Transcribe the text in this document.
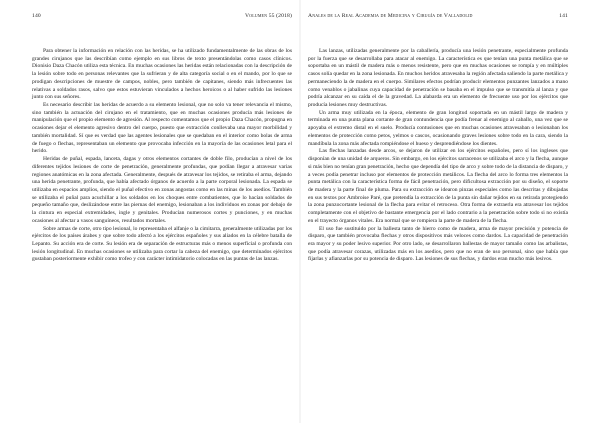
140	Volumen 55 (2018)

Para obtener la información en relación con las heridas, se ha utilizado fundamentalmente de las obras de los grandes cirujanos que las describían como ejemplo en sus libros de texto presentándolas como casos clínicos. Dionisio Daza Chacón utiliza esta técnica. En muchas ocasiones las heridas están relacionadas con la descripción de la lesión sobre todo en personas relevantes que la sufrieran y de alta categoría social o en el mando, por lo que se prodigan descripciones de muestre de campos, nobles, pero también de capitanes, siendo más infrecuentes las relativas a soldados rasos, salvo que estos estuvieran vinculados a hechos heroicos o al haber sufrido las lesiones junto con sus señores.

Es necesario describir las heridas de acuerdo a su elemento lesional, que no solo va tener relevancia el mismo, sino también la actuación del cirujano en el tratamiento, que en muchas ocasiones producía más lesiones de manipulación que el propio elemento de agresión. Al respecto comentamos que el propio Daza Chacón, propugna en ocasiones dejar el elemento agresivo dentro del cuerpo, puesto que extracción conllevaba una mayor morbilidad y también mortalidad. Sí que es verdad que las agentes lesionales que se quedaban en el interior como bolas de arma de fuego o flechas, representaban un elemento que provocaba infección en la mayoría de las ocasiones letal para el herido.

Heridas de puñal, espada, lanceta, dagas y otros elementos cortantes de doble filo, producían a nivel de los diferentes tejidos lesiones de corte de penetración, generalmente profundas, que podían llegar a atravesar varias regiones anatómicas en la zona afectada. Generalmente, después de atravesar los tejidos, se retiraba el arma, dejando una herida penetrante, profunda, que había afectado órganos de acuerdo a la parte corporal lesionada. La espada se utilizaba en espacios amplios, siendo el puñal efectivo en zonas angostas como en las minas de los asedios. También se utilizaba el puñal para acuchillar a los soldados en los choques entre combatientes, que lo hacían soldados de pequeño tamaño que, deslizándose entre las piernas del enemigo, lesionaban a los individuos en zonas por debajo de la cintura en especial extremidades, ingle y genitales. Producían numerosos cortes y punciones, y en muchas ocasiones al afectar a vasos sanguíneos, resultados mortales.

Sobre armas de corte, otro tipo lesional, lo representaba el alfanje o la cimitarra, generalmente utilizadas por los ejércitos de los países árabes y que sobre todo afectó a los ejércitos españoles y sus aliados en la célebre batalla de Lepanto. Su acción era de corte. Su lesión era de separación de estructuras más o menos superficial o profunda con lesión longitudinal. En muchas ocasiones se utilizaba para cortar la cabeza del enemigo, que determinados ejércitos gustaban posteriormente exhibir como trofeo y con carácter intimidatorio colocadas en las puntas de las lanzas.

Anales de la Real Academia de Medicina y Cirugía de Valladolid	141

Las lanzas, utilizadas generalmente por la caballería, producía una lesión penetrante, especialmente profunda por la fuerza que se desarrollaba para atacar al enemigo. La característica es que tenían una punta metálica que se soportaba en un mástil de madera más o menos resistente, pero que en muchas ocasiones se rompía y en múltiples casos solía quedar en la zona lesionada. En muchos heridos atravesaba la región afectada saliendo la parte metálica y permaneciendo la de madera en el cuerpo. Similares efectos podrían producir elementos punzantes lanzados a mano como venablos o jabalinas cuya capacidad de penetración se basaba en el impulso que se transmitía al lanza y que podría alcanzar en su caída el de la gravedad. La alabarda era un elemento de frecuente uso por los ejércitos que producía lesiones muy destructivas.

Un arma muy utilizada en la época, elemento de gran longitud soportada en un mástil largo de madera y terminada en una punta plana cortante de gran contundencia que podía frenar al enemigo al caballo, una vez que se apoyaba el extremo distal en el suelo. Producía contusiones que en muchas ocasiones atravesaban o lesionaban los elementos de protección como petos, yelmos o cascos, ocasionando graves lesiones sobre todo en la cara, siendo la mandíbula la zona más afectada rompiéndose el hueso y desprendiéndose los dientes.

Las flechas lanzadas desde arcos, se dejaron de utilizar en los ejércitos españoles, pero sí los ingleses que disponían de una unidad de arqueros. Sin embargo, en los ejércitos sarracenos se utilizaba el arco y la flecha, aunque si más bien no tenían gran penetración, hecho que dependía del tipo de arco y sobre todo de la distancia de disparo, y a veces podía penetrar incluso por elementos de protección metálicos. La flecha del arco lo forma tres elementos la punta metálica con la característica forma de fácil penetración, pero dificultosa extracción por su diseño, el soporte de madera y la parte final de pluma. Para su extracción se idearon pinzas especiales como las descritas y dibujadas en sus textos por Ambroise Paré, que pretendía la extracción de la punta sin dañar tejidos en su retirada protegiendo la zona punzocortante lesional de la flecha para evitar el retroceso. Otra forma de extraerla era atravesar los tejidos completamente con el objetivo de bastante emergencia por el lado contrario a la penetración sobre todo si no existía en el trayecto órganos vitales. Era normal que se rompiera la parte de madera de la flecha.

El uso fue sustituido por la ballesta tanto de hierro como de madera, arma de mayor precisión y potencia de disparo, que también provocaba flechas y otros dispositivos más veloces como dardos. La capacidad de penetración era mayor y su poder lesivo superior. Por otro lado, se desarrollaron ballestas de mayor tamaño como las arbalistas, que podía atravesar corazas, utilizadas más en los asedios, pero que no eran de uso personal, sino que había que fijarlas y afianzarlas por su potencia de disparo. Las lesiones de sus flechas, y dardos eran mucho más lesivos.
